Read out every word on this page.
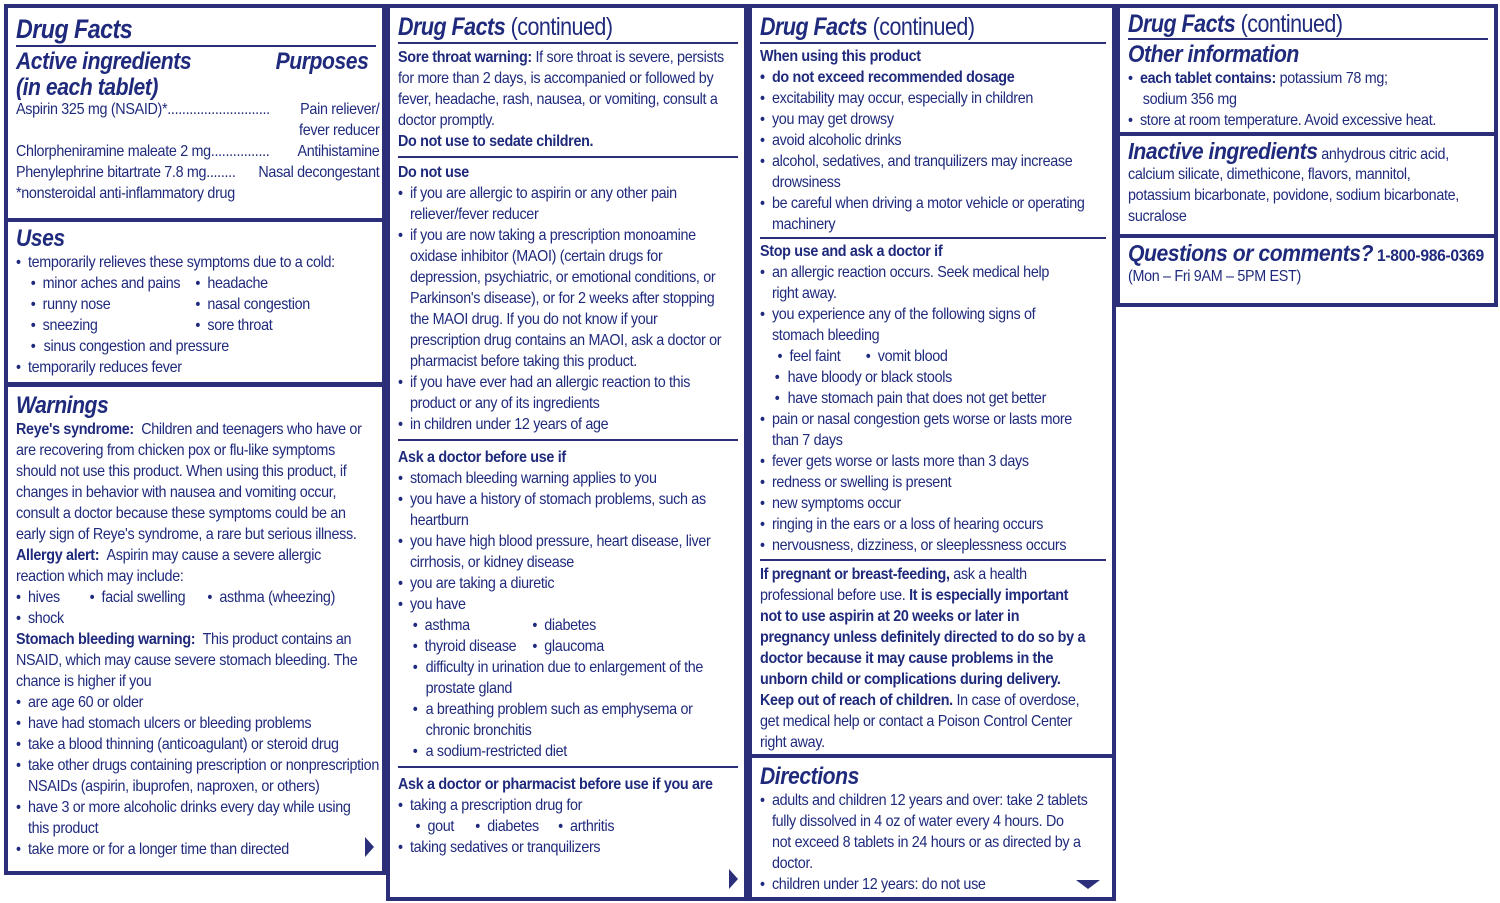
Drug Facts
Active ingredients
(in each tablet)
Purposes
Aspirin 325 mg (NSAID)* ............................	Pain reliever/
fever reducer
Chlorpheniramine maleate 2 mg ................	Antihistamine
Phenylephrine bitartrate 7.8 mg ........	Nasal decongestant
*nonsteroidal anti-inflammatory drug
Uses
• temporarily relieves these symptoms due to a cold:
• minor aches and pains	• headache
• runny nose	• nasal congestion
• sneezing	• sore throat
• sinus congestion and pressure
• temporarily reduces fever
Warnings
Reye's syndrome: Children and teenagers who have or
are recovering from chicken pox or flu-like symptoms
should not use this product. When using this product, if
changes in behavior with nausea and vomiting occur,
consult a doctor because these symptoms could be an
early sign of Reye's syndrome, a rare but serious illness.
Allergy alert: Aspirin may cause a severe allergic
reaction which may include:
• hives	• facial swelling	• asthma (wheezing)
• shock
Stomach bleeding warning: This product contains an
NSAID, which may cause severe stomach bleeding. The
chance is higher if you
• are age 60 or older
• have had stomach ulcers or bleeding problems
• take a blood thinning (anticoagulant) or steroid drug
• take other drugs containing prescription or nonprescription
NSAIDs (aspirin, ibuprofen, naproxen, or others)
• have 3 or more alcoholic drinks every day while using
this product
• take more or for a longer time than directed
Drug Facts (continued)
Sore throat warning: If sore throat is severe, persists
for more than 2 days, is accompanied or followed by
fever, headache, rash, nausea, or vomiting, consult a
doctor promptly.
Do not use to sedate children.
Do not use
• if you are allergic to aspirin or any other pain
reliever/fever reducer
• if you are now taking a prescription monoamine
oxidase inhibitor (MAOI) (certain drugs for
depression, psychiatric, or emotional conditions, or
Parkinson's disease), or for 2 weeks after stopping
the MAOI drug. If you do not know if your
prescription drug contains an MAOI, ask a doctor or
pharmacist before taking this product.
• if you have ever had an allergic reaction to this
product or any of its ingredients
• in children under 12 years of age
Ask a doctor before use if
• stomach bleeding warning applies to you
• you have a history of stomach problems, such as
heartburn
• you have high blood pressure, heart disease, liver
cirrhosis, or kidney disease
• you are taking a diuretic
• you have
• asthma	• diabetes
• thyroid disease	• glaucoma
• difficulty in urination due to enlargement of the
prostate gland
• a breathing problem such as emphysema or
chronic bronchitis
• a sodium-restricted diet
Ask a doctor or pharmacist before use if you are
• taking a prescription drug for
• gout	• diabetes	• arthritis
• taking sedatives or tranquilizers
Drug Facts (continued)
When using this product
• do not exceed recommended dosage
• excitability may occur, especially in children
• you may get drowsy
• avoid alcoholic drinks
• alcohol, sedatives, and tranquilizers may increase
drowsiness
• be careful when driving a motor vehicle or operating
machinery
Stop use and ask a doctor if
• an allergic reaction occurs. Seek medical help
right away.
• you experience any of the following signs of
stomach bleeding
• feel faint	• vomit blood
• have bloody or black stools
• have stomach pain that does not get better
• pain or nasal congestion gets worse or lasts more
than 7 days
• fever gets worse or lasts more than 3 days
• redness or swelling is present
• new symptoms occur
• ringing in the ears or a loss of hearing occurs
• nervousness, dizziness, or sleeplessness occurs
If pregnant or breast-feeding, ask a health
professional before use. It is especially important
not to use aspirin at 20 weeks or later in
pregnancy unless definitely directed to do so by a
doctor because it may cause problems in the
unborn child or complications during delivery.
Keep out of reach of children. In case of overdose,
get medical help or contact a Poison Control Center
right away.
Directions
• adults and children 12 years and over: take 2 tablets
fully dissolved in 4 oz of water every 4 hours. Do
not exceed 8 tablets in 24 hours or as directed by a
doctor.
• children under 12 years: do not use
Drug Facts (continued)
Other information
• each tablet contains: potassium 78 mg;
sodium 356 mg
• store at room temperature. Avoid excessive heat.
Inactive ingredients anhydrous citric acid,
calcium silicate, dimethicone, flavors, mannitol,
potassium bicarbonate, povidone, sodium bicarbonate,
sucralose
Questions or comments? 1-800-986-0369
(Mon – Fri 9AM – 5PM EST)
